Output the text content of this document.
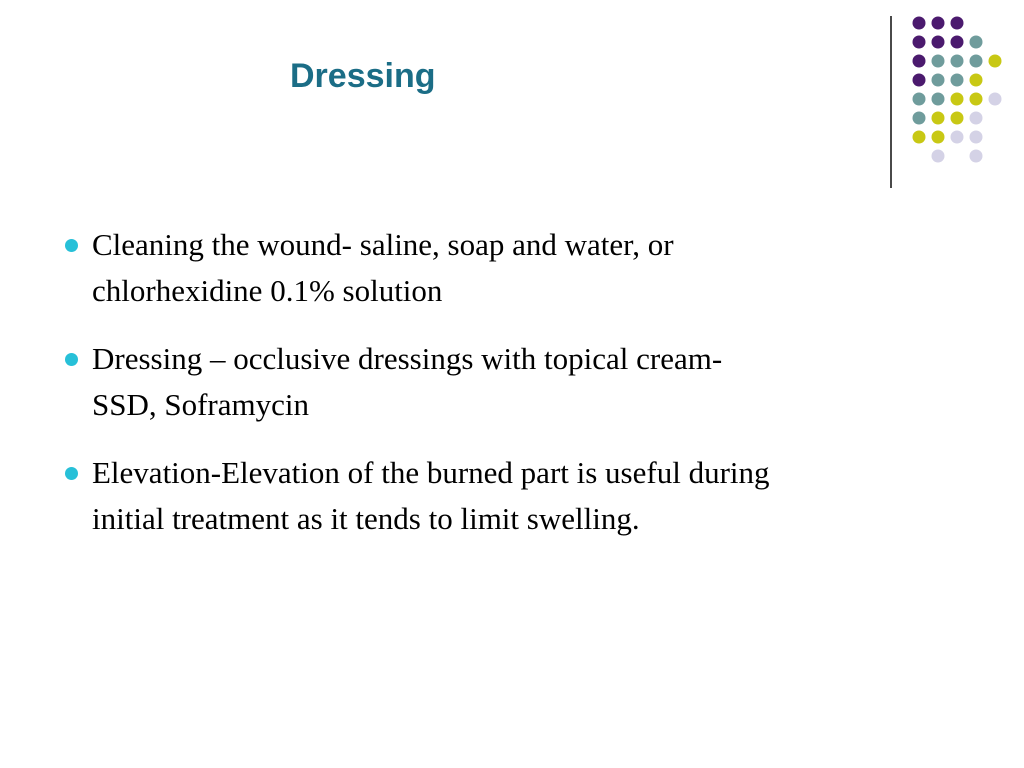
Dressing
Cleaning the wound- saline, soap and water, or
chlorhexidine 0.1% solution
Dressing – occlusive dressings with topical cream-
SSD, Soframycin
Elevation-Elevation of the burned part is useful during
initial treatment as it tends to limit swelling.
